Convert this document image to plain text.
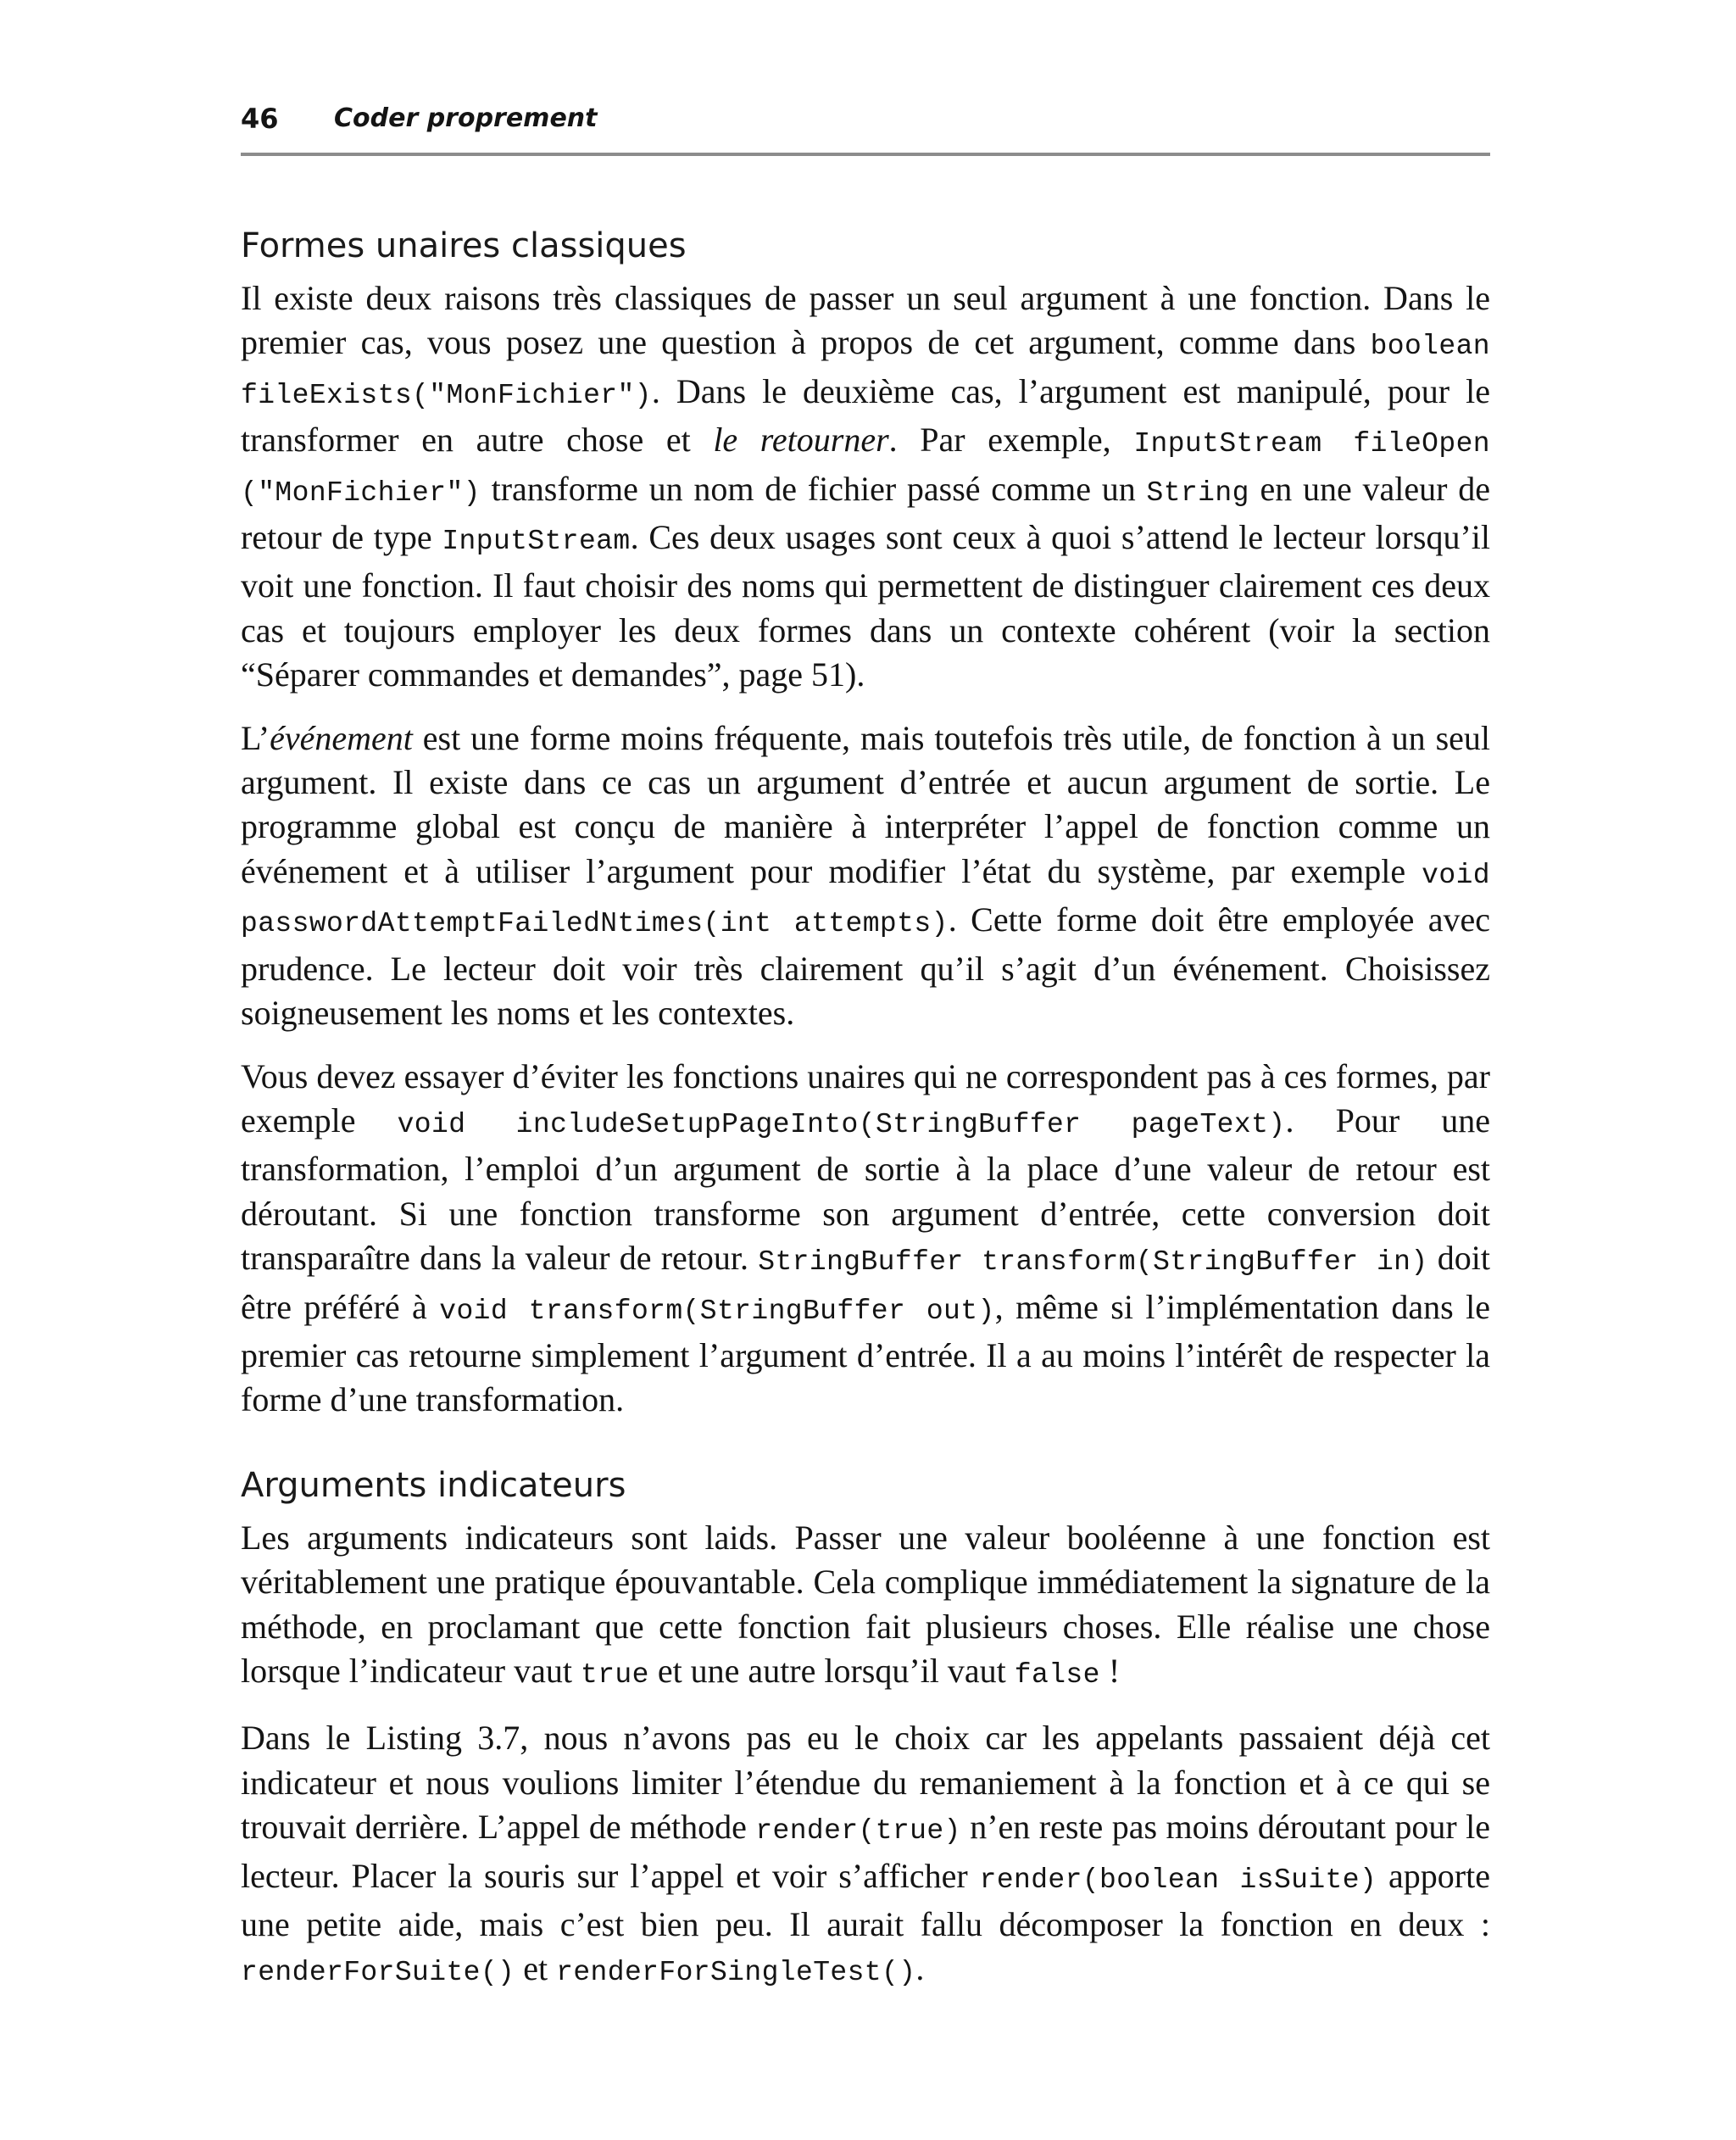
46 Coder proprement
Formes unaires classiques

Il existe deux raisons très classiques de passer un seul argument à une fonction. Dans le premier cas, vous posez une question à propos de cet argument, comme dans boolean fileExists("MonFichier"). Dans le deuxième cas, l’argument est manipulé, pour le transformer en autre chose et le retourner. Par exemple, InputStream fileOpen ("MonFichier") transforme un nom de fichier passé comme un String en une valeur de retour de type InputStream. Ces deux usages sont ceux à quoi s’attend le lecteur lorsqu’il voit une fonction. Il faut choisir des noms qui permettent de distinguer clairement ces deux cas et toujours employer les deux formes dans un contexte cohérent (voir la section “Séparer commandes et demandes”, page 51).

L’événement est une forme moins fréquente, mais toutefois très utile, de fonction à un seul argument. Il existe dans ce cas un argument d’entrée et aucun argument de sortie. Le programme global est conçu de manière à interpréter l’appel de fonction comme un événement et à utiliser l’argument pour modifier l’état du système, par exemple void passwordAttemptFailedNtimes(int attempts). Cette forme doit être employée avec prudence. Le lecteur doit voir très clairement qu’il s’agit d’un événement. Choisissez soigneusement les noms et les contextes.

Vous devez essayer d’éviter les fonctions unaires qui ne correspondent pas à ces formes, par exemple void includeSetupPageInto(StringBuffer pageText). Pour une transformation, l’emploi d’un argument de sortie à la place d’une valeur de retour est déroutant. Si une fonction transforme son argument d’entrée, cette conversion doit transparaître dans la valeur de retour. StringBuffer transform(StringBuffer in) doit être préféré à void transform(StringBuffer out), même si l’implémentation dans le premier cas retourne simplement l’argument d’entrée. Il a au moins l’intérêt de respecter la forme d’une transformation.

Arguments indicateurs

Les arguments indicateurs sont laids. Passer une valeur booléenne à une fonction est véritablement une pratique épouvantable. Cela complique immédiatement la signature de la méthode, en proclamant que cette fonction fait plusieurs choses. Elle réalise une chose lorsque l’indicateur vaut true et une autre lorsqu’il vaut false !

Dans le Listing 3.7, nous n’avons pas eu le choix car les appelants passaient déjà cet indicateur et nous voulions limiter l’étendue du remaniement à la fonction et à ce qui se trouvait derrière. L’appel de méthode render(true) n’en reste pas moins déroutant pour le lecteur. Placer la souris sur l’appel et voir s’afficher render(boolean isSuite) apporte une petite aide, mais c’est bien peu. Il aurait fallu décomposer la fonction en deux : renderForSuite() et renderForSingleTest().
